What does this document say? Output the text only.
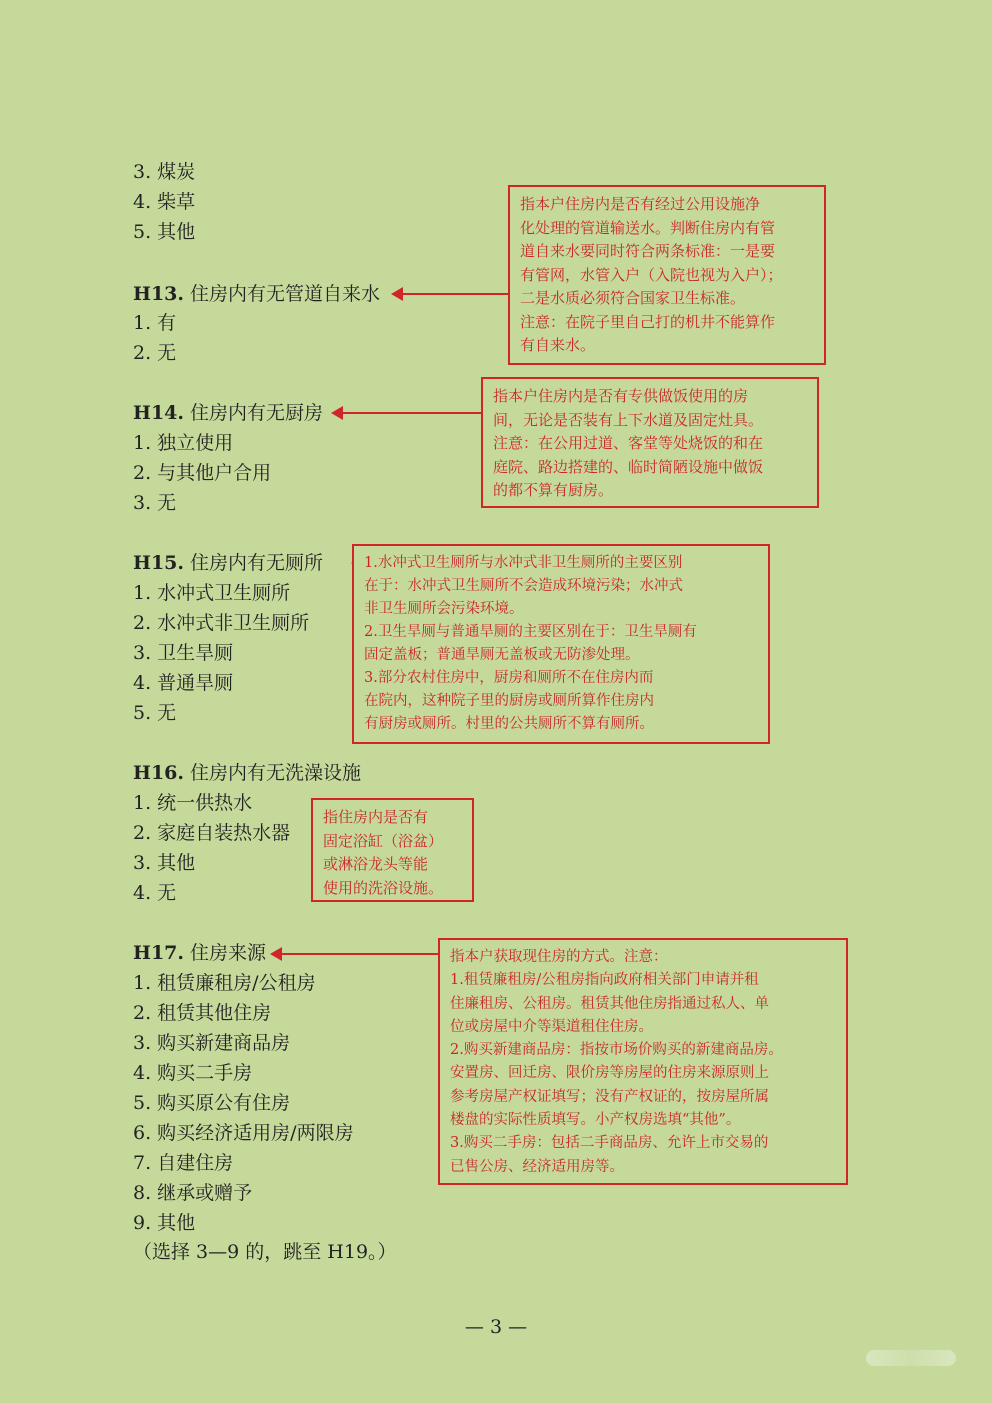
3. 煤炭
4. 柴草
5. 其他
H13. 住房内有无管道自来水
1. 有
2. 无
指本户住房内是否有经过公用设施净
化处理的管道输送水。判断住房内有管
道自来水要同时符合两条标准：一是要
有管网，水管入户（入院也视为入户）；
二是水质必须符合国家卫生标准。
注意：在院子里自己打的机井不能算作
有自来水。
H14. 住房内有无厨房
1. 独立使用
2. 与其他户合用
3. 无
指本户住房内是否有专供做饭使用的房
间，无论是否装有上下水道及固定灶具。
注意：在公用过道、客堂等处烧饭的和在
庭院、路边搭建的、临时简陋设施中做饭
的都不算有厨房。
H15. 住房内有无厕所
1. 水冲式卫生厕所
2. 水冲式非卫生厕所
3. 卫生旱厕
4. 普通旱厕
5. 无
1.水冲式卫生厕所与水冲式非卫生厕所的主要区别
在于：水冲式卫生厕所不会造成环境污染；水冲式
非卫生厕所会污染环境。
2.卫生旱厕与普通旱厕的主要区别在于：卫生旱厕有
固定盖板；普通旱厕无盖板或无防渗处理。
3.部分农村住房中，厨房和厕所不在住房内而
在院内，这种院子里的厨房或厕所算作住房内
有厨房或厕所。村里的公共厕所不算有厕所。
H16. 住房内有无洗澡设施
1. 统一供热水
2. 家庭自装热水器
3. 其他
4. 无
指住房内是否有
固定浴缸（浴盆）
或淋浴龙头等能
使用的洗浴设施。
H17. 住房来源
1. 租赁廉租房/公租房
2. 租赁其他住房
3. 购买新建商品房
4. 购买二手房
5. 购买原公有住房
6. 购买经济适用房/两限房
7. 自建住房
8. 继承或赠予
9. 其他
（选择 3—9 的，跳至 H19。）
指本户获取现住房的方式。注意：
1.租赁廉租房/公租房指向政府相关部门申请并租
住廉租房、公租房。租赁其他住房指通过私人、单
位或房屋中介等渠道租住住房。
2.购买新建商品房：指按市场价购买的新建商品房。
安置房、回迁房、限价房等房屋的住房来源原则上
参考房屋产权证填写；没有产权证的，按房屋所属
楼盘的实际性质填写。小产权房选填“其他”。
3.购买二手房：包括二手商品房、允许上市交易的
已售公房、经济适用房等。
— 3 —
